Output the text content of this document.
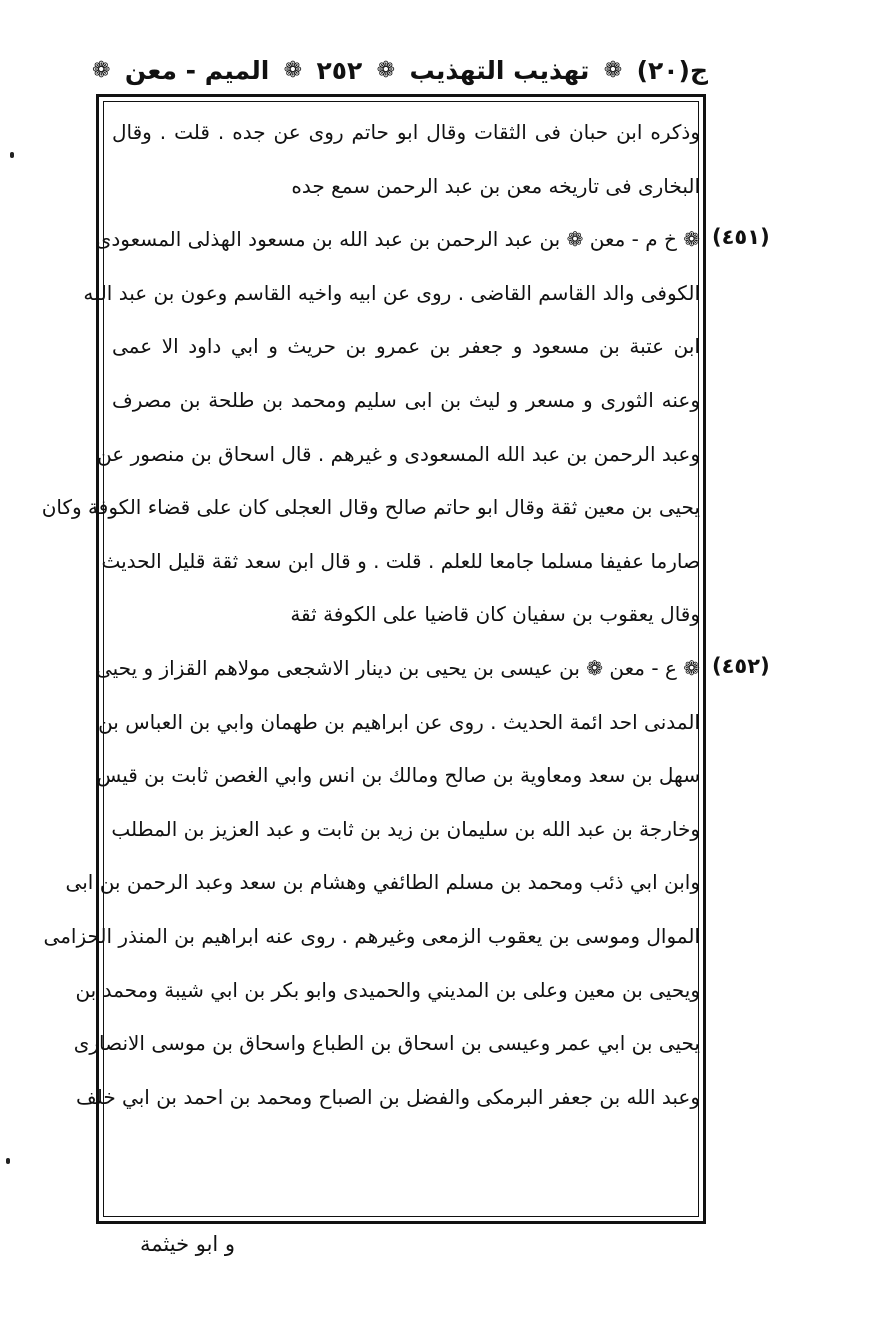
ج(٢٠)
❁
تهذيب التهذيب
❁
٢٥٢
❁
الميم - معن
❁
وذكره ابن حبان فى الثقات وقال ابو حاتم روى عن جده . قلت . وقال
البخارى فى تاريخه معن بن عبد الرحمن سمع جده
❁ خ م - معن ❁ بن عبد الرحمن بن عبد الله بن مسعود الهذلى المسعودى
الكوفى والد القاسم القاضى . روى عن ابيه واخيه القاسم وعون بن عبد الله
ابن عتبة بن مسعود و جعفر بن عمرو بن حريث و ابي داود الا عمى
وعنه الثورى و مسعر و ليث بن ابى سليم ومحمد بن طلحة بن مصرف
وعبد الرحمن بن عبد الله المسعودى و غيرهم . قال اسحاق بن منصور عن
يحيى بن معين ثقة وقال ابو حاتم صالح وقال العجلى كان على قضاء الكوفة وكان
صارما عفيفا مسلما جامعا للعلم . قلت . و قال ابن سعد ثقة قليل الحديث
وقال يعقوب بن سفيان كان قاضيا على الكوفة ثقة
❁ ع - معن ❁ بن عيسى بن يحيى بن دينار الاشجعى مولاهم القزاز و يحيى
المدنى احد ائمة الحديث . روى عن ابراهيم بن طهمان وابي بن العباس بن
سهل بن سعد ومعاوية بن صالح ومالك بن انس وابي الغصن ثابت بن قيس
وخارجة بن عبد الله بن سليمان بن زيد بن ثابت و عبد العزيز بن المطلب
وابن ابي ذئب ومحمد بن مسلم الطائفي وهشام بن سعد وعبد الرحمن بن ابى
الموال وموسى بن يعقوب الزمعى وغيرهم . روى عنه ابراهيم بن المنذر الحزامى
ويحيى بن معين وعلى بن المديني والحميدى وابو بكر بن ابي شيبة ومحمد بن
يحيى بن ابي عمر وعيسى بن اسحاق بن الطباع واسحاق بن موسى الانصارى
وعبد الله بن جعفر البرمكى والفضل بن الصباح ومحمد بن احمد بن ابي خلف
(٤٥١)
(٤٥٢)
و ابو خيثمة
